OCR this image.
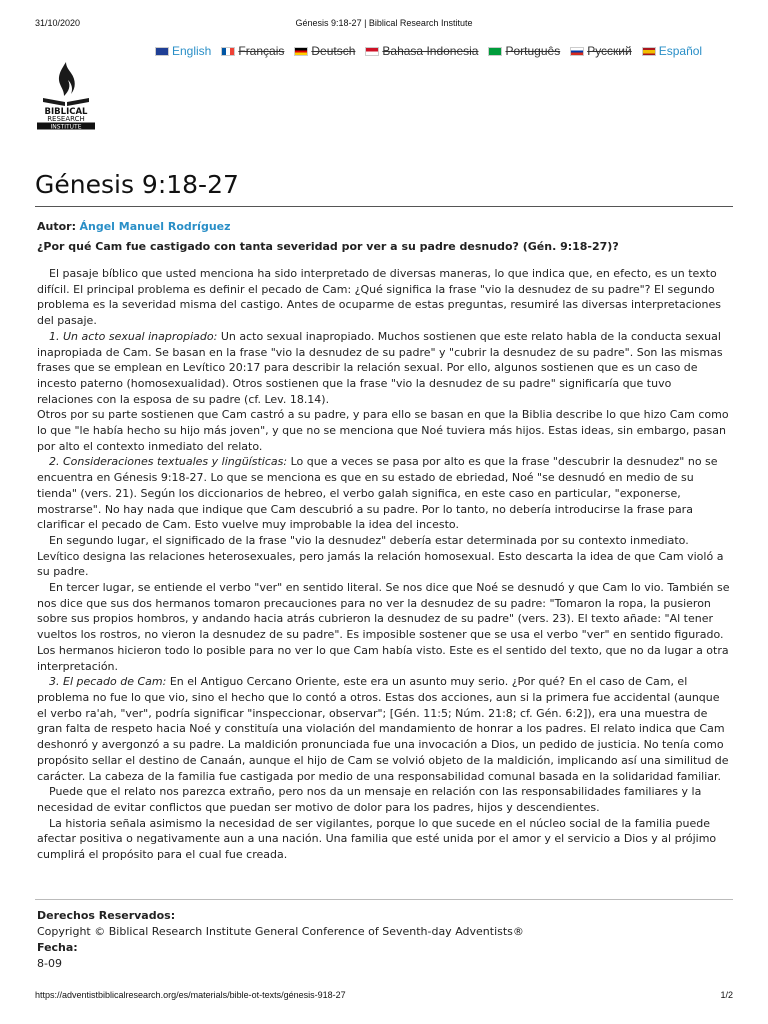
31/10/2020	Génesis 9:18-27 | Biblical Research Institute
English Français Deutsch Bahasa Indonesia Português Русский Español
BIBLICAL
RESEARCH
INSTITUTE
Génesis 9:18-27
Autor: Ángel Manuel Rodríguez
¿Por qué Cam fue castigado con tanta severidad por ver a su padre desnudo? (Gén. 9:18-27)?

El pasaje bíblico que usted menciona ha sido interpretado de diversas maneras, lo que indica que, en efecto, es un texto difícil. El principal problema es definir el pecado de Cam: ¿Qué significa la frase "vio la desnudez de su padre"? El segundo problema es la severidad misma del castigo. Antes de ocuparme de estas preguntas, resumiré las diversas interpretaciones del pasaje.

1. Un acto sexual inapropiado: Un acto sexual inapropiado. Muchos sostienen que este relato habla de la conducta sexual inapropiada de Cam. Se basan en la frase "vio la desnudez de su padre" y "cubrir la desnudez de su padre". Son las mismas frases que se emplean en Levítico 20:17 para describir la relación sexual. Por ello, algunos sostienen que es un caso de incesto paterno (homosexualidad). Otros sostienen que la frase "vio la desnudez de su padre" significaría que tuvo relaciones con la esposa de su padre (cf. Lev. 18.14).

Otros por su parte sostienen que Cam castró a su padre, y para ello se basan en que la Biblia describe lo que hizo Cam como lo que "le había hecho su hijo más joven", y que no se menciona que Noé tuviera más hijos. Estas ideas, sin embargo, pasan por alto el contexto inmediato del relato.

2. Consideraciones textuales y lingüísticas: Lo que a veces se pasa por alto es que la frase "descubrir la desnudez" no se encuentra en Génesis 9:18-27. Lo que se menciona es que en su estado de ebriedad, Noé "se desnudó en medio de su tienda" (vers. 21). Según los diccionarios de hebreo, el verbo galah significa, en este caso en particular, "exponerse, mostrarse". No hay nada que indique que Cam descubrió a su padre. Por lo tanto, no debería introducirse la frase para clarificar el pecado de Cam. Esto vuelve muy improbable la idea del incesto.

En segundo lugar, el significado de la frase "vio la desnudez" debería estar determinada por su contexto inmediato. Levítico designa las relaciones heterosexuales, pero jamás la relación homosexual. Esto descarta la idea de que Cam violó a su padre.

En tercer lugar, se entiende el verbo "ver" en sentido literal. Se nos dice que Noé se desnudó y que Cam lo vio. También se nos dice que sus dos hermanos tomaron precauciones para no ver la desnudez de su padre: "Tomaron la ropa, la pusieron sobre sus propios hombros, y andando hacia atrás cubrieron la desnudez de su padre" (vers. 23). El texto añade: "Al tener vueltos los rostros, no vieron la desnudez de su padre". Es imposible sostener que se usa el verbo "ver" en sentido figurado. Los hermanos hicieron todo lo posible para no ver lo que Cam había visto. Este es el sentido del texto, que no da lugar a otra interpretación.

3. El pecado de Cam: En el Antiguo Cercano Oriente, este era un asunto muy serio. ¿Por qué? En el caso de Cam, el problema no fue lo que vio, sino el hecho que lo contó a otros. Estas dos acciones, aun si la primera fue accidental (aunque el verbo ra'ah, "ver", podría significar "inspeccionar, observar"; [Gén. 11:5; Núm. 21:8; cf. Gén. 6:2]), era una muestra de gran falta de respeto hacia Noé y constituía una violación del mandamiento de honrar a los padres. El relato indica que Cam deshonró y avergonzó a su padre. La maldición pronunciada fue una invocación a Dios, un pedido de justicia. No tenía como propósito sellar el destino de Canaán, aunque el hijo de Cam se volvió objeto de la maldición, implicando así una similitud de carácter. La cabeza de la familia fue castigada por medio de una responsabilidad comunal basada en la solidaridad familiar.

Puede que el relato nos parezca extraño, pero nos da un mensaje en relación con las responsabilidades familiares y la necesidad de evitar conflictos que puedan ser motivo de dolor para los padres, hijos y descendientes.

La historia señala asimismo la necesidad de ser vigilantes, porque lo que sucede en el núcleo social de la familia puede afectar positiva o negativamente aun a una nación. Una familia que esté unida por el amor y el servicio a Dios y al prójimo cumplirá el propósito para el cual fue creada.

Derechos Reservados:
Copyright © Biblical Research Institute General Conference of Seventh-day Adventists®
Fecha:
8-09
https://adventistbiblicalresearch.org/es/materials/bible-ot-texts/génesis-918-27	1/2
